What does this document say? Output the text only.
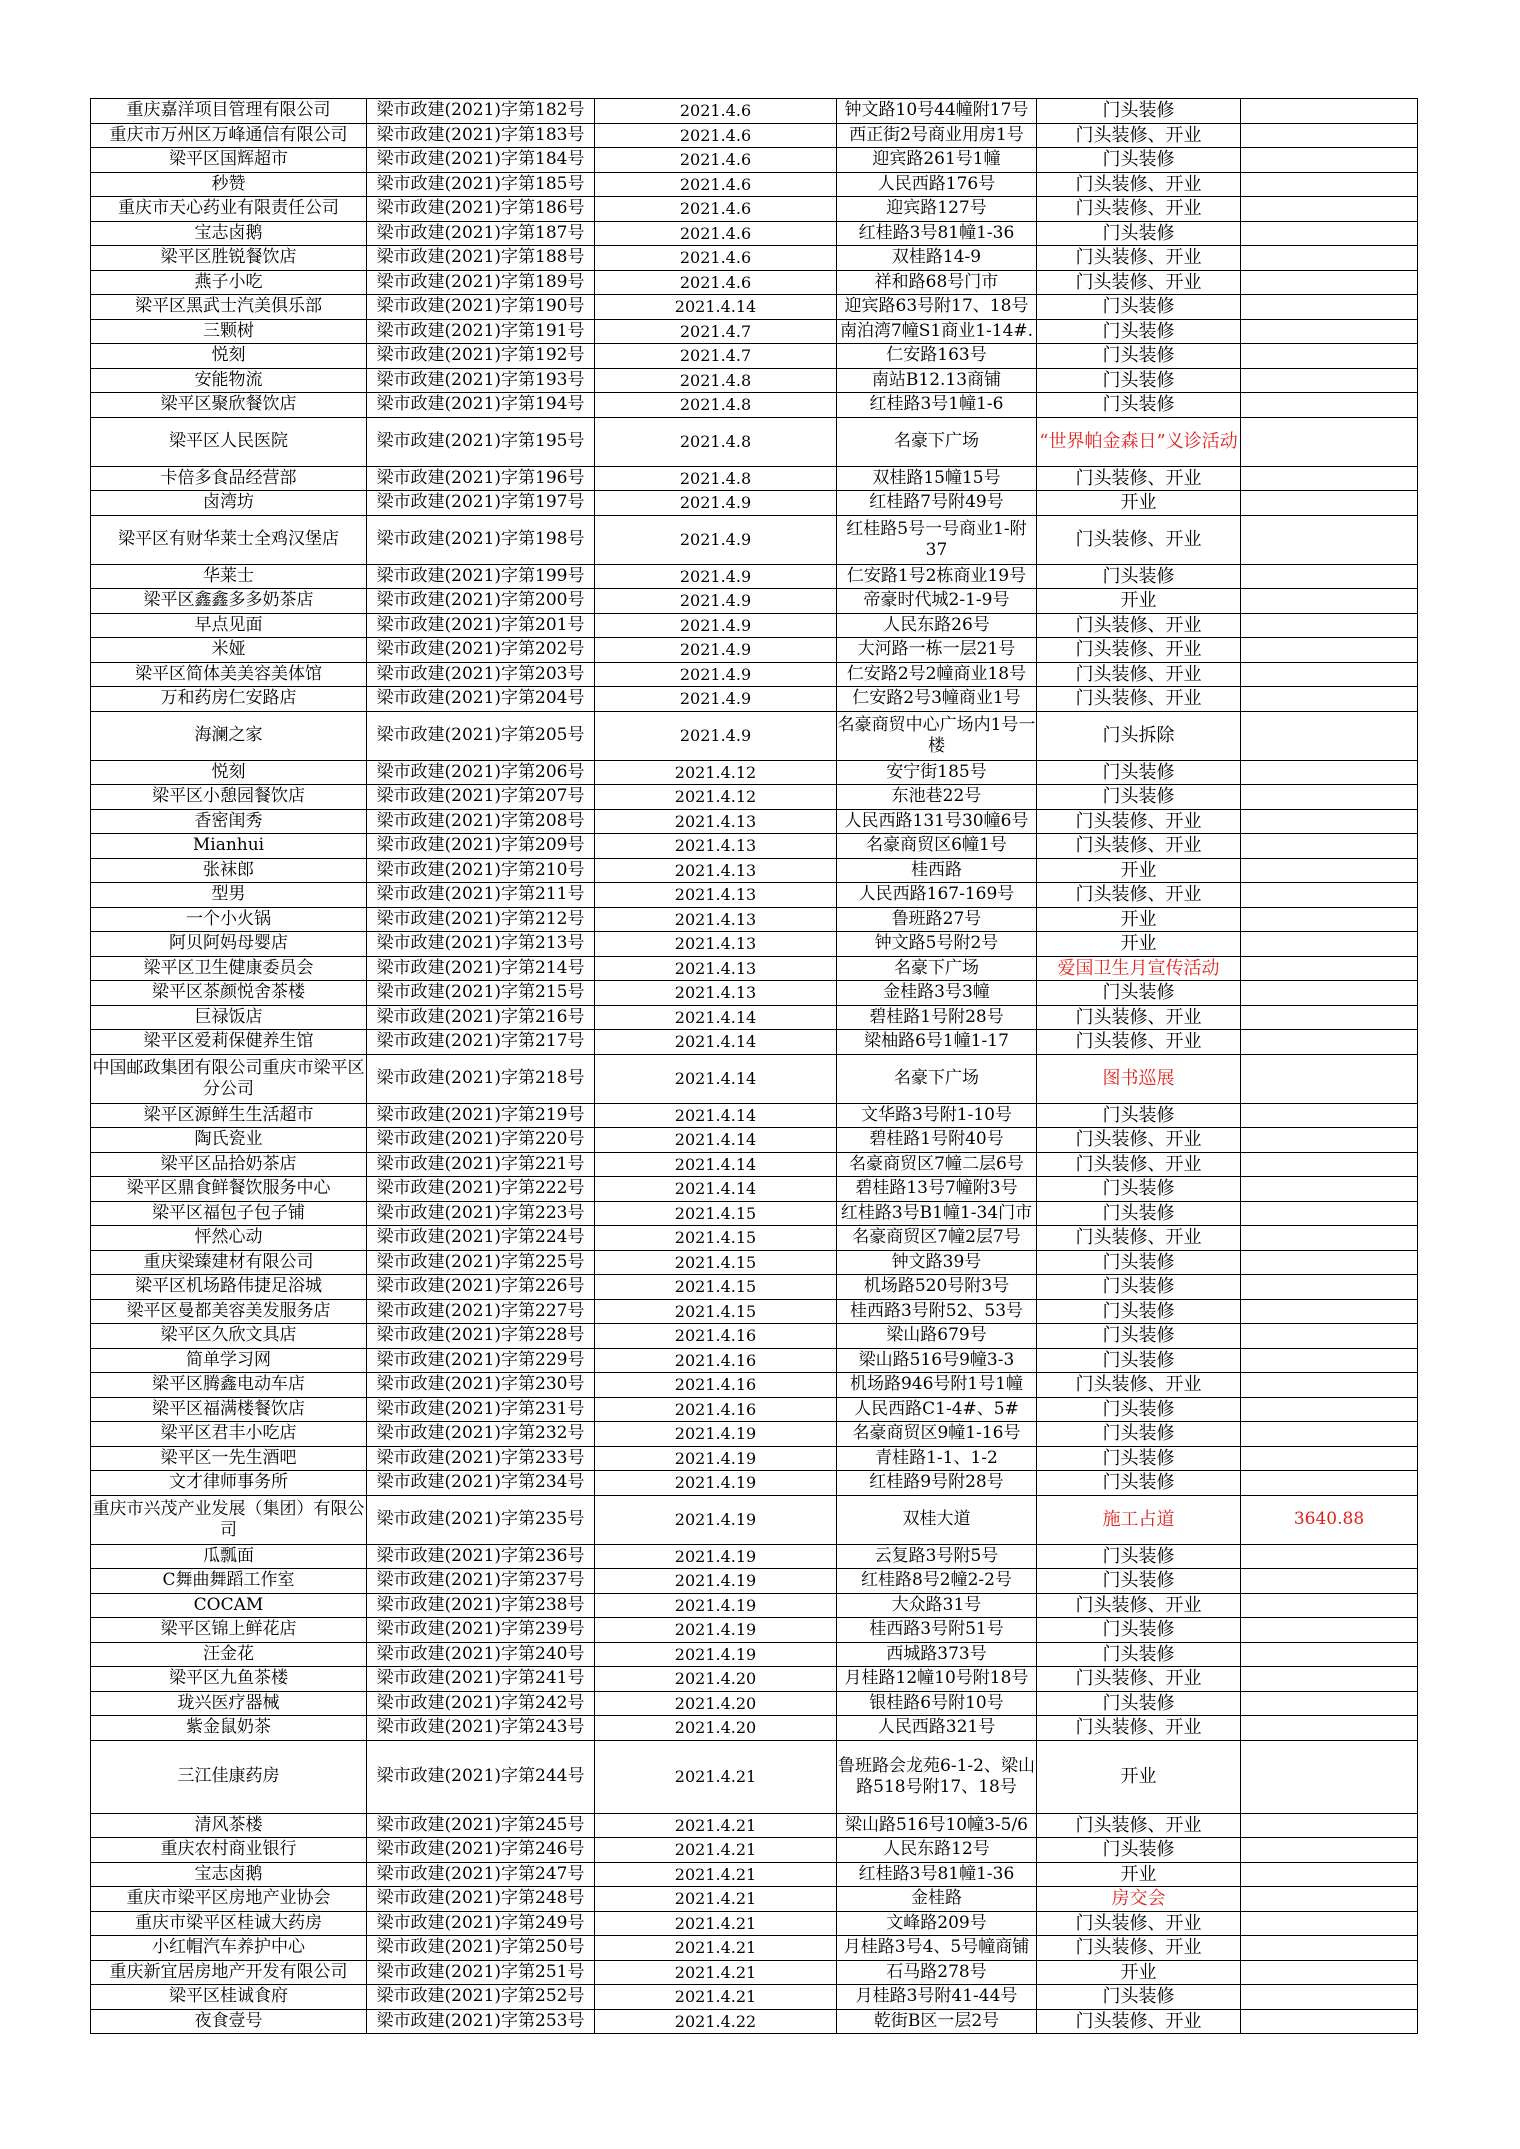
重庆嘉洋项目管理有限公司	梁市政建(2021)字第182号	2021.4.6	钟文路10号44幢附17号	门头装修	
重庆市万州区万峰通信有限公司	梁市政建(2021)字第183号	2021.4.6	西正街2号商业用房1号	门头装修、开业	
梁平区国辉超市	梁市政建(2021)字第184号	2021.4.6	迎宾路261号1幢	门头装修	
秒赞	梁市政建(2021)字第185号	2021.4.6	人民西路176号	门头装修、开业	
重庆市天心药业有限责任公司	梁市政建(2021)字第186号	2021.4.6	迎宾路127号	门头装修、开业	
宝志卤鹅	梁市政建(2021)字第187号	2021.4.6	红桂路3号81幢1-36	门头装修	
梁平区胜锐餐饮店	梁市政建(2021)字第188号	2021.4.6	双桂路14-9	门头装修、开业	
燕子小吃	梁市政建(2021)字第189号	2021.4.6	祥和路68号门市	门头装修、开业	
梁平区黑武士汽美俱乐部	梁市政建(2021)字第190号	2021.4.14	迎宾路63号附17、18号	门头装修	
三颗树	梁市政建(2021)字第191号	2021.4.7	南泊湾7幢S1商业1-14#.	门头装修	
悦刻	梁市政建(2021)字第192号	2021.4.7	仁安路163号	门头装修	
安能物流	梁市政建(2021)字第193号	2021.4.8	南站B12.13商铺	门头装修	
梁平区聚欣餐饮店	梁市政建(2021)字第194号	2021.4.8	红桂路3号1幢1-6	门头装修	
梁平区人民医院	梁市政建(2021)字第195号	2021.4.8	名豪下广场	“世界帕金森日”义诊活动	
卡倍多食品经营部	梁市政建(2021)字第196号	2021.4.8	双桂路15幢15号	门头装修、开业	
卤湾坊	梁市政建(2021)字第197号	2021.4.9	红桂路7号附49号	开业	
梁平区有财华莱士全鸡汉堡店	梁市政建(2021)字第198号	2021.4.9	红桂路5号一号商业1-附37	门头装修、开业	
华莱士	梁市政建(2021)字第199号	2021.4.9	仁安路1号2栋商业19号	门头装修	
梁平区鑫鑫多多奶茶店	梁市政建(2021)字第200号	2021.4.9	帝豪时代城2-1-9号	开业	
早点见面	梁市政建(2021)字第201号	2021.4.9	人民东路26号	门头装修、开业	
米娅	梁市政建(2021)字第202号	2021.4.9	大河路一栋一层21号	门头装修、开业	
梁平区简体美美容美体馆	梁市政建(2021)字第203号	2021.4.9	仁安路2号2幢商业18号	门头装修、开业	
万和药房仁安路店	梁市政建(2021)字第204号	2021.4.9	仁安路2号3幢商业1号	门头装修、开业	
海澜之家	梁市政建(2021)字第205号	2021.4.9	名豪商贸中心广场内1号一楼	门头拆除	
悦刻	梁市政建(2021)字第206号	2021.4.12	安宁街185号	门头装修	
梁平区小憩园餐饮店	梁市政建(2021)字第207号	2021.4.12	东池巷22号	门头装修	
香密闺秀	梁市政建(2021)字第208号	2021.4.13	人民西路131号30幢6号	门头装修、开业	
Mianhui	梁市政建(2021)字第209号	2021.4.13	名豪商贸区6幢1号	门头装修、开业	
张袜郎	梁市政建(2021)字第210号	2021.4.13	桂西路	开业	
型男	梁市政建(2021)字第211号	2021.4.13	人民西路167-169号	门头装修、开业	
一个小火锅	梁市政建(2021)字第212号	2021.4.13	鲁班路27号	开业	
阿贝阿妈母婴店	梁市政建(2021)字第213号	2021.4.13	钟文路5号附2号	开业	
梁平区卫生健康委员会	梁市政建(2021)字第214号	2021.4.13	名豪下广场	爱国卫生月宣传活动	
梁平区茶颜悦舍茶楼	梁市政建(2021)字第215号	2021.4.13	金桂路3号3幢	门头装修	
巨禄饭店	梁市政建(2021)字第216号	2021.4.14	碧桂路1号附28号	门头装修、开业	
梁平区爱莉保健养生馆	梁市政建(2021)字第217号	2021.4.14	梁柚路6号1幢1-17	门头装修、开业	
中国邮政集团有限公司重庆市梁平区分公司	梁市政建(2021)字第218号	2021.4.14	名豪下广场	图书巡展	
梁平区源鲜生生活超市	梁市政建(2021)字第219号	2021.4.14	文华路3号附1-10号	门头装修	
陶氏瓷业	梁市政建(2021)字第220号	2021.4.14	碧桂路1号附40号	门头装修、开业	
梁平区品拾奶茶店	梁市政建(2021)字第221号	2021.4.14	名豪商贸区7幢二层6号	门头装修、开业	
梁平区鼎食鲜餐饮服务中心	梁市政建(2021)字第222号	2021.4.14	碧桂路13号7幢附3号	门头装修	
梁平区福包子包子铺	梁市政建(2021)字第223号	2021.4.15	红桂路3号B1幢1-34门市	门头装修	
怦然心动	梁市政建(2021)字第224号	2021.4.15	名豪商贸区7幢2层7号	门头装修、开业	
重庆梁臻建材有限公司	梁市政建(2021)字第225号	2021.4.15	钟文路39号	门头装修	
梁平区机场路伟捷足浴城	梁市政建(2021)字第226号	2021.4.15	机场路520号附3号	门头装修	
梁平区曼都美容美发服务店	梁市政建(2021)字第227号	2021.4.15	桂西路3号附52、53号	门头装修	
梁平区久欣文具店	梁市政建(2021)字第228号	2021.4.16	梁山路679号	门头装修	
简单学习网	梁市政建(2021)字第229号	2021.4.16	梁山路516号9幢3-3	门头装修	
梁平区腾鑫电动车店	梁市政建(2021)字第230号	2021.4.16	机场路946号附1号1幢	门头装修、开业	
梁平区福满楼餐饮店	梁市政建(2021)字第231号	2021.4.16	人民西路C1-4#、5#	门头装修	
梁平区君丰小吃店	梁市政建(2021)字第232号	2021.4.19	名豪商贸区9幢1-16号	门头装修	
梁平区一先生酒吧	梁市政建(2021)字第233号	2021.4.19	青桂路1-1、1-2	门头装修	
文才律师事务所	梁市政建(2021)字第234号	2021.4.19	红桂路9号附28号	门头装修	
重庆市兴茂产业发展（集团）有限公司	梁市政建(2021)字第235号	2021.4.19	双桂大道	施工占道	3640.88
瓜瓢面	梁市政建(2021)字第236号	2021.4.19	云复路3号附5号	门头装修	
C舞曲舞蹈工作室	梁市政建(2021)字第237号	2021.4.19	红桂路8号2幢2-2号	门头装修	
COCAM	梁市政建(2021)字第238号	2021.4.19	大众路31号	门头装修、开业	
梁平区锦上鲜花店	梁市政建(2021)字第239号	2021.4.19	桂西路3号附51号	门头装修	
汪金花	梁市政建(2021)字第240号	2021.4.19	西城路373号	门头装修	
梁平区九鱼茶楼	梁市政建(2021)字第241号	2021.4.20	月桂路12幢10号附18号	门头装修、开业	
珑兴医疗器械	梁市政建(2021)字第242号	2021.4.20	银桂路6号附10号	门头装修	
紫金鼠奶茶	梁市政建(2021)字第243号	2021.4.20	人民西路321号	门头装修、开业	
三江佳康药房	梁市政建(2021)字第244号	2021.4.21	鲁班路会龙苑6-1-2、梁山路518号附17、18号	开业	
清风茶楼	梁市政建(2021)字第245号	2021.4.21	梁山路516号10幢3-5/6	门头装修、开业	
重庆农村商业银行	梁市政建(2021)字第246号	2021.4.21	人民东路12号	门头装修	
宝志卤鹅	梁市政建(2021)字第247号	2021.4.21	红桂路3号81幢1-36	开业	
重庆市梁平区房地产业协会	梁市政建(2021)字第248号	2021.4.21	金桂路	房交会	
重庆市梁平区桂诚大药房	梁市政建(2021)字第249号	2021.4.21	文峰路209号	门头装修、开业	
小红帽汽车养护中心	梁市政建(2021)字第250号	2021.4.21	月桂路3号4、5号幢商铺	门头装修、开业	
重庆新宜居房地产开发有限公司	梁市政建(2021)字第251号	2021.4.21	石马路278号	开业	
梁平区桂诚食府	梁市政建(2021)字第252号	2021.4.21	月桂路3号附41-44号	门头装修	
夜食壹号	梁市政建(2021)字第253号	2021.4.22	乾街B区一层2号	门头装修、开业	
